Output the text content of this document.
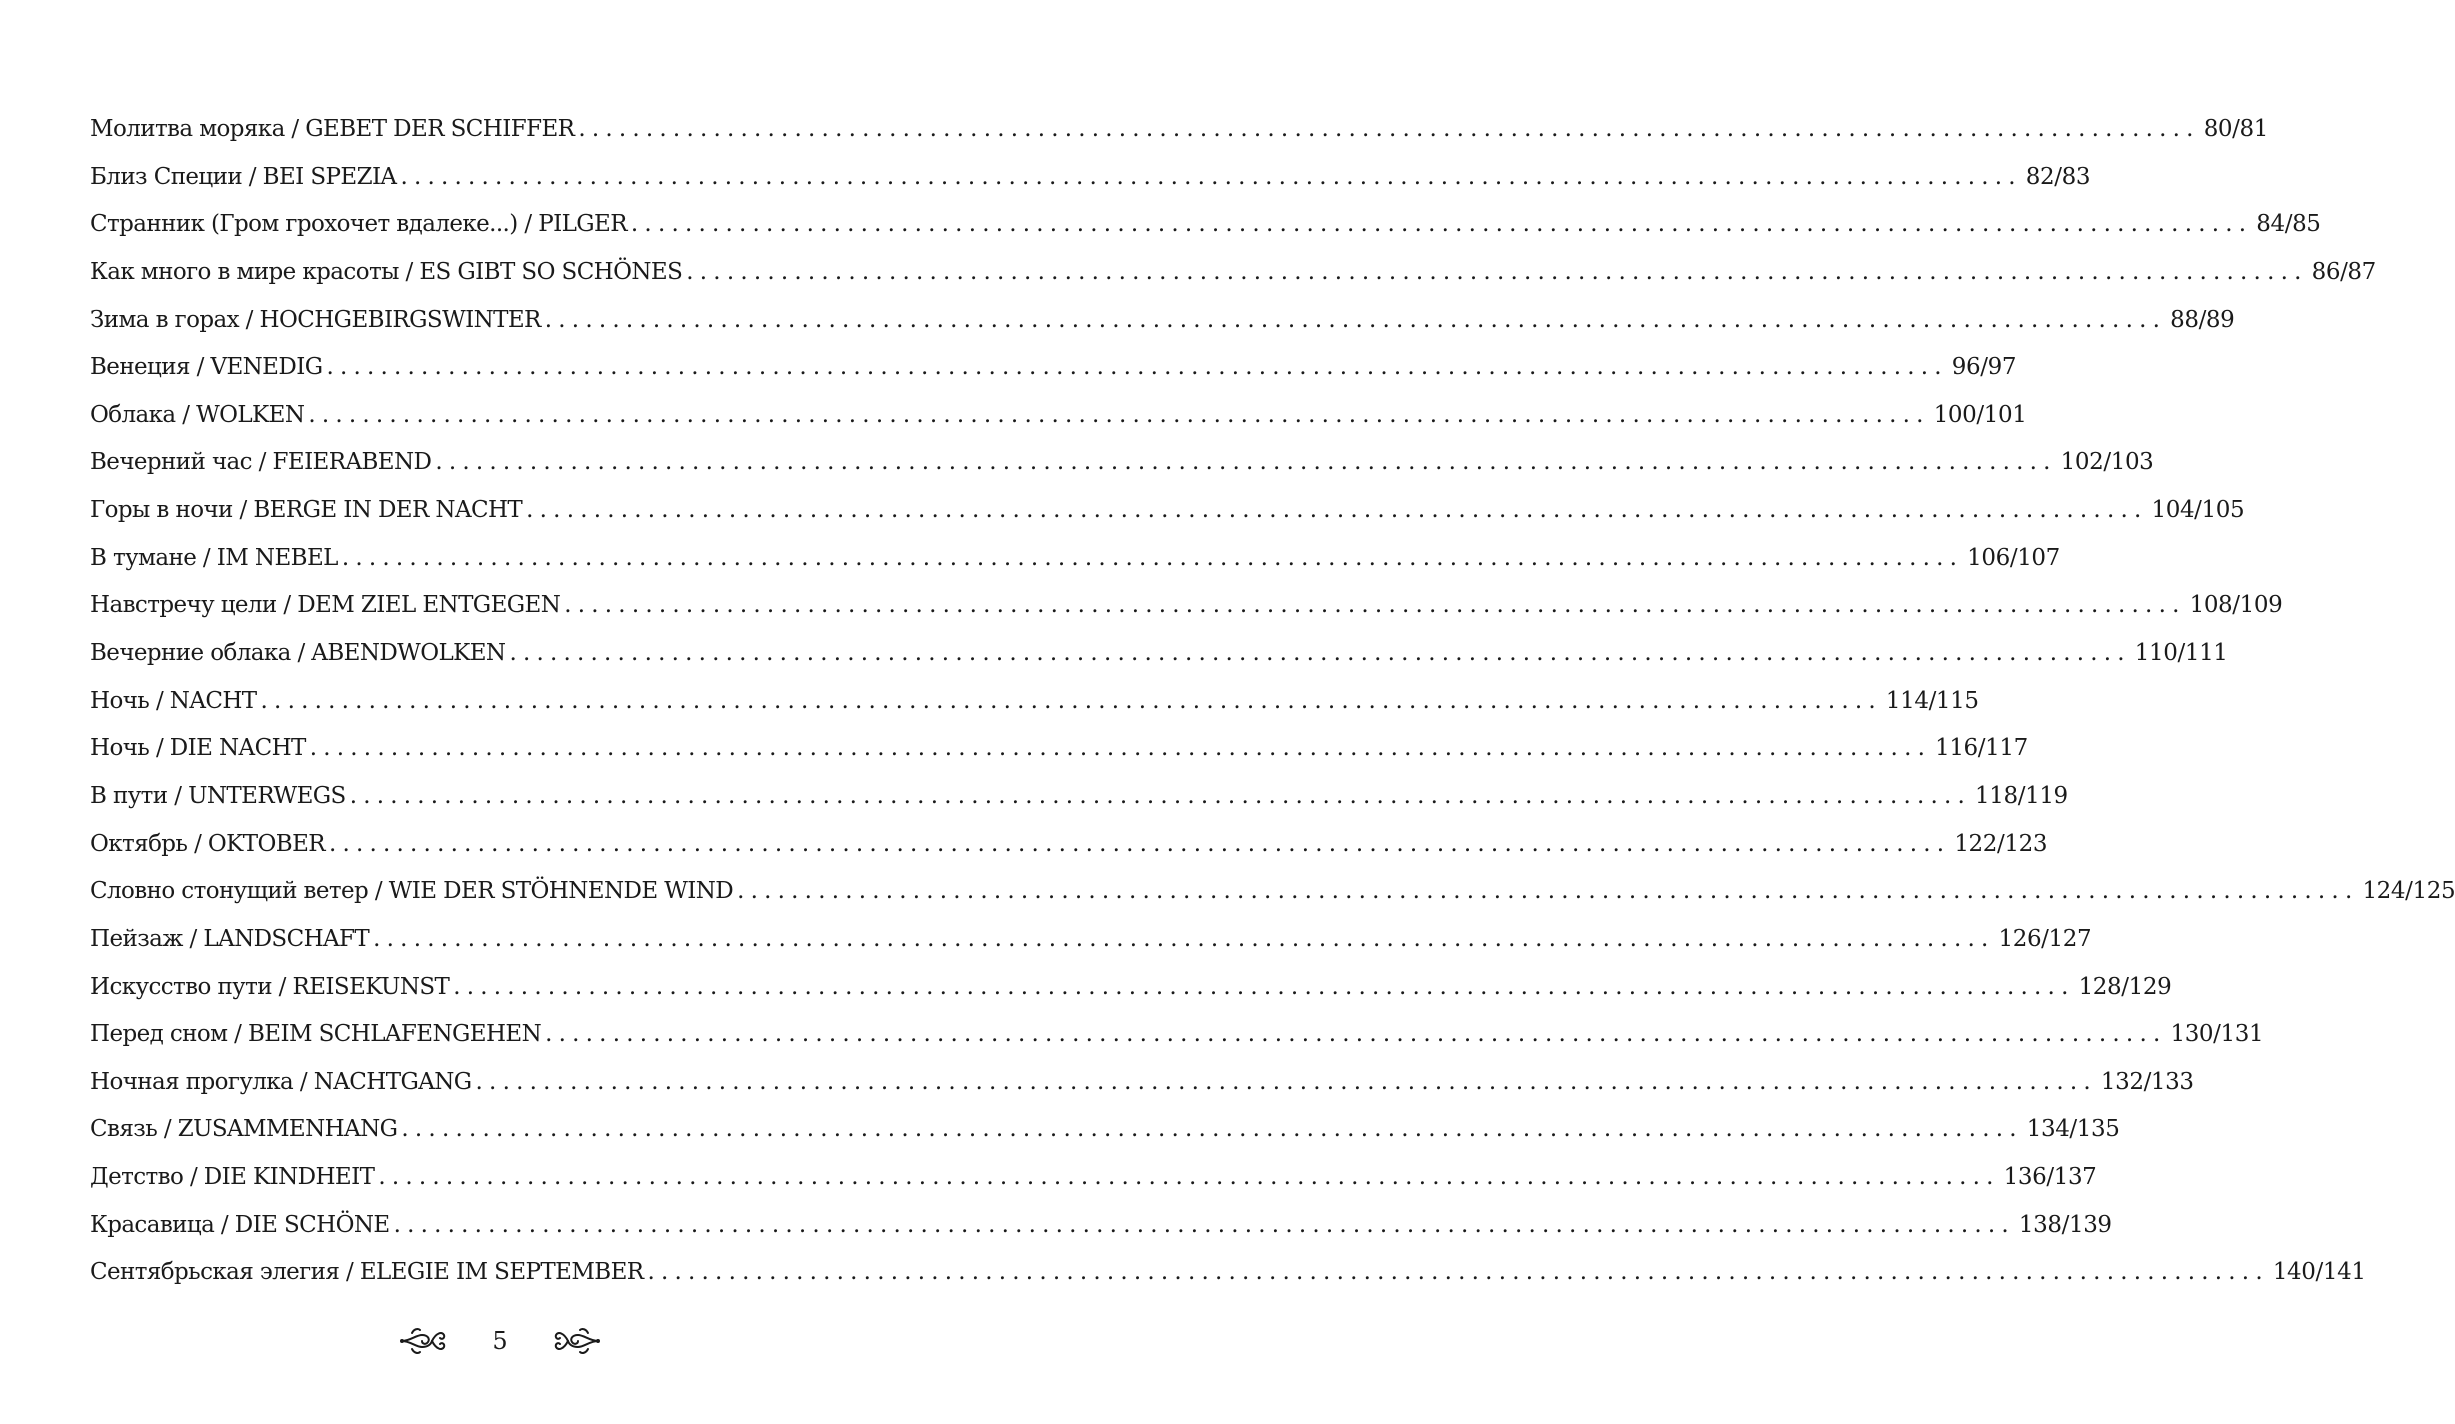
Молитва моряка / GEBET DER SCHIFFER ........................................................................................................................ 80/81
Близ Специи / BEI SPEZIA ........................................................................................................................ 82/83
Странник (Гром грохочет вдалеке...) / PILGER ........................................................................................................................ 84/85
Как много в мире красоты / ES GIBT SO SCHÖNES ........................................................................................................................ 86/87
Зима в горах / HOCHGEBIRGSWINTER ........................................................................................................................ 88/89
Венеция / VENEDIG ........................................................................................................................ 96/97
Облака / WOLKEN ........................................................................................................................ 100/101
Вечерний час / FEIERABEND ........................................................................................................................ 102/103
Горы в ночи / BERGE IN DER NACHT ........................................................................................................................ 104/105
В тумане / IM NEBEL ........................................................................................................................ 106/107
Навстречу цели / DEM ZIEL ENTGEGEN ........................................................................................................................ 108/109
Вечерние облака / ABENDWOLKEN ........................................................................................................................ 110/111
Ночь / NACHT ........................................................................................................................ 114/115
Ночь / DIE NACHT ........................................................................................................................ 116/117
В пути / UNTERWEGS ........................................................................................................................ 118/119
Октябрь / OKTOBER ........................................................................................................................ 122/123
Словно стонущий ветер / WIE DER STÖHNENDE WIND ........................................................................................................................ 124/125
Пейзаж / LANDSCHAFT ........................................................................................................................ 126/127
Искусство пути / REISEKUNST ........................................................................................................................ 128/129
Перед сном / BEIM SCHLAFENGEHEN ........................................................................................................................ 130/131
Ночная прогулка / NACHTGANG ........................................................................................................................ 132/133
Связь / ZUSAMMENHANG ........................................................................................................................ 134/135
Детство / DIE KINDHEIT ........................................................................................................................ 136/137
Красавица / DIE SCHÖNE ........................................................................................................................ 138/139
Сентябрьская элегия / ELEGIE IM SEPTEMBER ........................................................................................................................ 140/141
5
